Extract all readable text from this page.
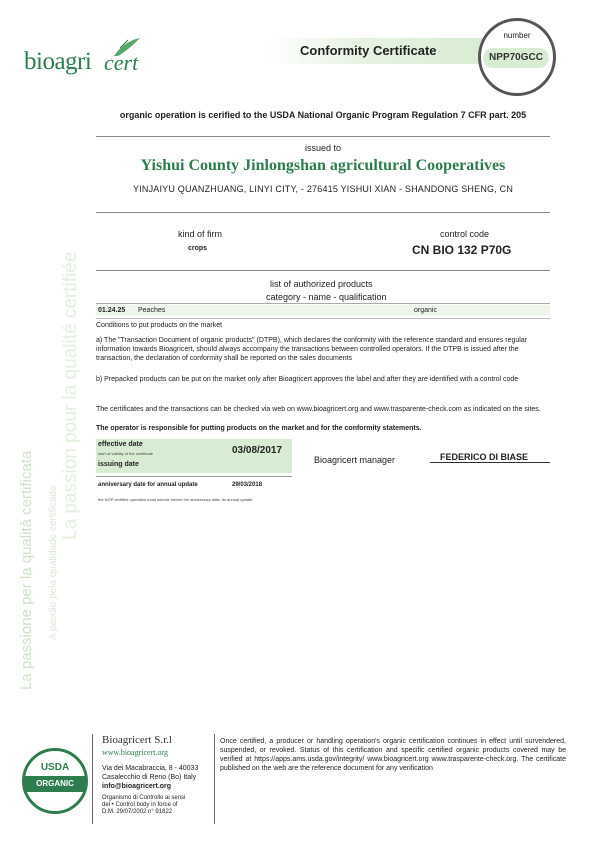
La passione per la qualità certificata A paixão pela qualidade certificada
La passion pour la qualité certifiée
bioagri cert	Conformity Certificate
number
NPP70GCC
organic operation is cerified to the USDA National Organic Program Regulation 7 CFR part. 205
issued to
Yishui County Jinlongshan agricultural Cooperatives
YINJAIYU QUANZHUANG, LINYI CITY, - 276415 YISHUI XIAN - SHANDONG SHENG, CN
kind of firm
crops
control code
CN BIO 132 P70G
list of authorized products
category - name - qualification
01.24.25 Peaches	organic
Conditions to put products on the market
a) The "Transaction Document of organic products" (DTPB), which declares the conformity with the reference standard and ensures regular information towards Bioagricert, should always accompany the transactions between controlled operators. If the DTPB is issued after the transaction, the declaration of conformity shall be reported on the sales documents
b) Prepacked products can be put on the market only after Bioagricert approves the label and after they are identified with a control code
The certificates and the transactions can be checked via web on www.bioagricert.org and www.trasparente-check.com as indicated on the sites.
The operator is responsible for putting products on the market and for the conformity statements.
effective date
start of validity of the certificate	03/08/2017
issuing date	Bioagricert manager	FEDERICO DI BIASE
anniversary date for annual update	29/03/2018
the NOP certified operation must submit, before the anniversary date, its annual update
USDA
ORGANIC
Bioagricert S.r.l
www.bioagricert.org
Via dei Macabraccia, 8 - 40033
Casalecchio di Reno (Bo) Italy
info@bioagricert.org
Organismo di Controllo ai sensi
del • Control body in force of
D.M. 29/07/2002 n° 91822
Once certified, a producer or handling operation's organic certification continues in effect until survendered, suspended, or revoked. Status of this certification and specific certified organic products covered may be verified at https://apps.ams.usda.gov/integrity/ www.bioagricert.org www.trasparente-check.org. The certificate published on the web are the reference document for any verification
